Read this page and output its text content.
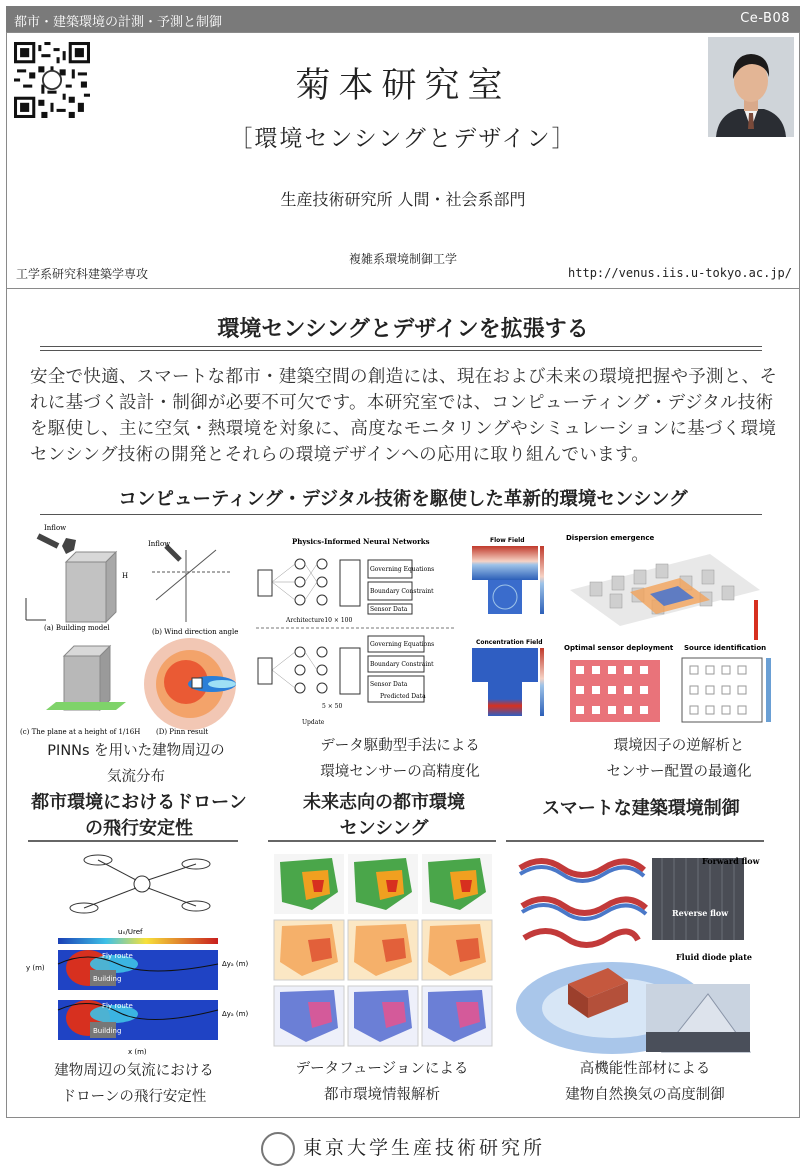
都市・建築環境の計測・予測と制御	Ce-B08
菊本研究室
［環境センシングとデザイン］
生産技術研究所 人間・社会系部門
複雑系環境制御工学
工学系研究科建築学専攻	http://venus.iis.u-tokyo.ac.jp/
環境センシングとデザインを拡張する
安全で快適、スマートな都市・建築空間の創造には、現在および未来の環境把握や予測と、それに基づく設計・制御が必要不可欠です。本研究室では、コンピューティング・デジタル技術を駆使し、主に空気・熱環境を対象に、高度なモニタリングやシミュレーションに基づく環境センシング技術の開発とそれらの環境デザインへの応用に取り組んでいます。
コンピューティング・デジタル技術を駆使した革新的環境センシング
Inflow
H
(a) Building model
Inflow
(b) Wind direction angle
(c) The plane at a height of 1/16H (D) Pinn result
PINNs を用いた建物周辺の
気流分布
Physics-Informed Neural Networks
Architecture10 × 100
Governing Equations
Boundary Constraint
Sensor Data
Governing Equations
Boundary Constraint
Sensor Data
Predicted Data
5 × 50
Update
データ駆動型手法による
環境センサーの高精度化
Flow Field
Concentration Field
Dispersion emergence
Optimal sensor deployment Source identification
環境因子の逆解析と
センサー配置の最適化
都市環境におけるドローン
の飛行安定性
未来志向の都市環境
センシング
スマートな建築環境制御
uₓ/Uref
y (m)
Building
Fly route
Δyₐ (m)
Building
Fly route
Δyₐ (m)
x (m)
建物周辺の気流における
ドローンの飛行安定性
データフュージョンによる
都市環境情報解析
Forward flow
Reverse flow
Fluid diode plate
高機能性部材による
建物自然換気の高度制御
東京大学生産技術研究所
